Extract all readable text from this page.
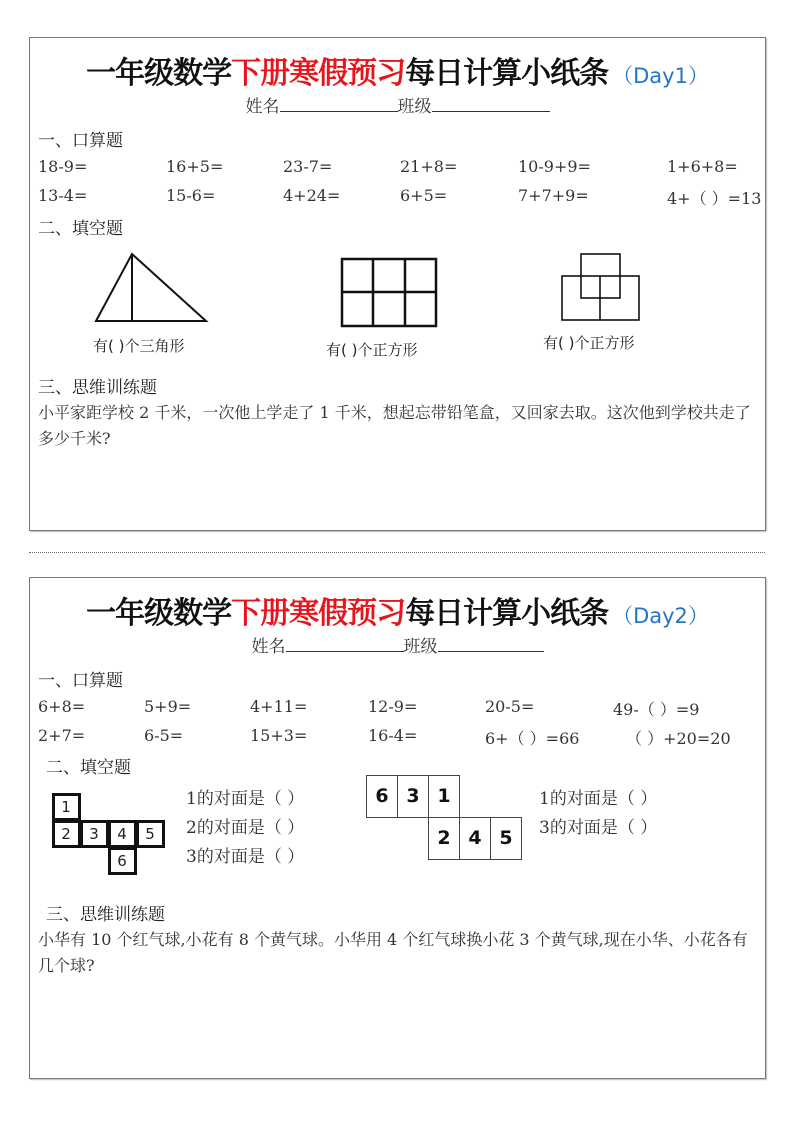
一年级数学下册寒假预习每日计算小纸条 （Day1）
姓名	班级
一、口算题
18-9=	16+5=	23-7=	21+8=	10-9+9=	1+6+8=
13-4=	15-6=	4+24=	6+5=	7+7+9=	4+（ ）=13
二、填空题
有( )个三角形	有( )个正方形	有( )个正方形
三、思维训练题
小平家距学校 2 千米，一次他上学走了 1 千米，想起忘带铅笔盒，又回家去取。这次他到学校共走了多少千米?
一年级数学下册寒假预习每日计算小纸条 （Day2）
姓名	班级
一、口算题
6+8=	5+9=	4+11=	12-9=	20-5=	49-（ ）=9
2+7=	6-5=	15+3=	16-4=	6+（ ）=66	（ ）+20=20
二、填空题
1
2	3	4	5
6
1的对面是（ ）
2的对面是（ ）
3的对面是（ ）
6 3 1
2 4 5
1的对面是（ ）
3的对面是（ ）
三、思维训练题
小华有 10 个红气球,小花有 8 个黄气球。小华用 4 个红气球换小花 3 个黄气球,现在小华、小花各有几个球?
